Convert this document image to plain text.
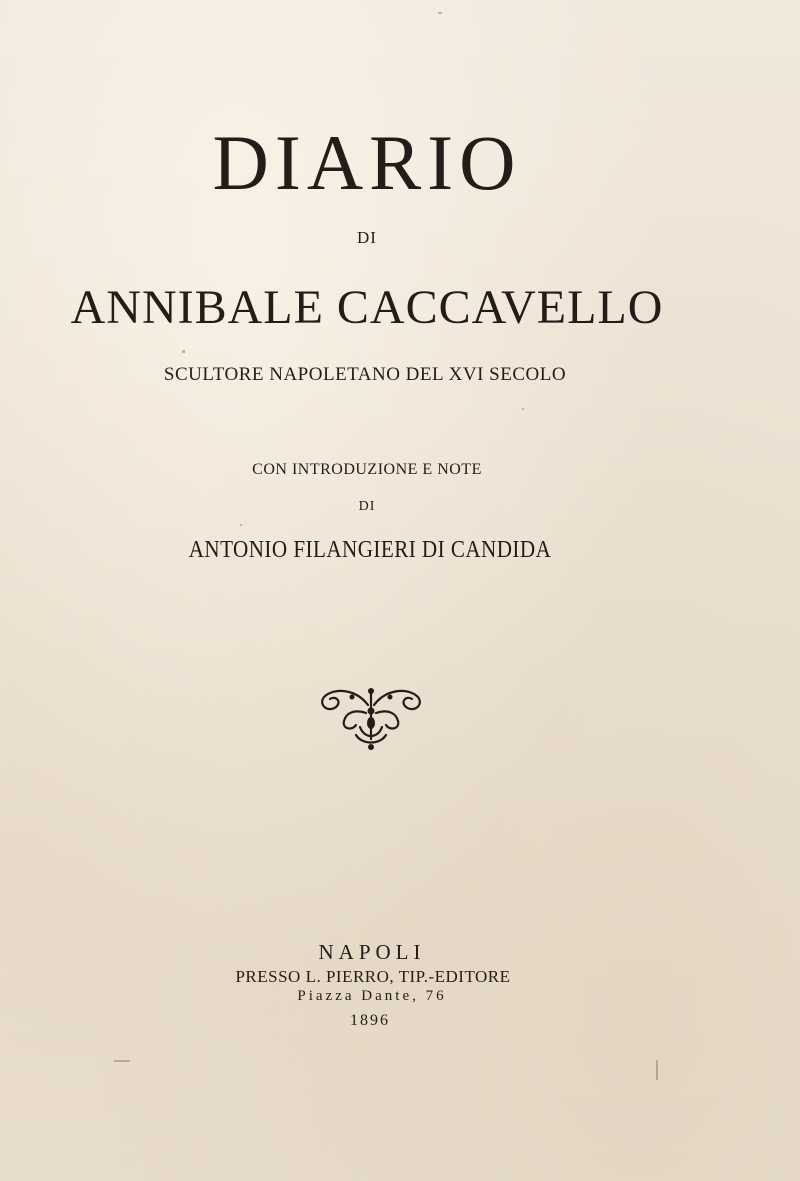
DIARIO
DI
ANNIBALE CACCAVELLO
SCULTORE NAPOLETANO DEL XVI SECOLO
CON INTRODUZIONE E NOTE
DI
ANTONIO FILANGIERI DI CANDIDA
NAPOLI
PRESSO L. PIERRO, TIP.-EDITORE
Piazza Dante, 76
1896
